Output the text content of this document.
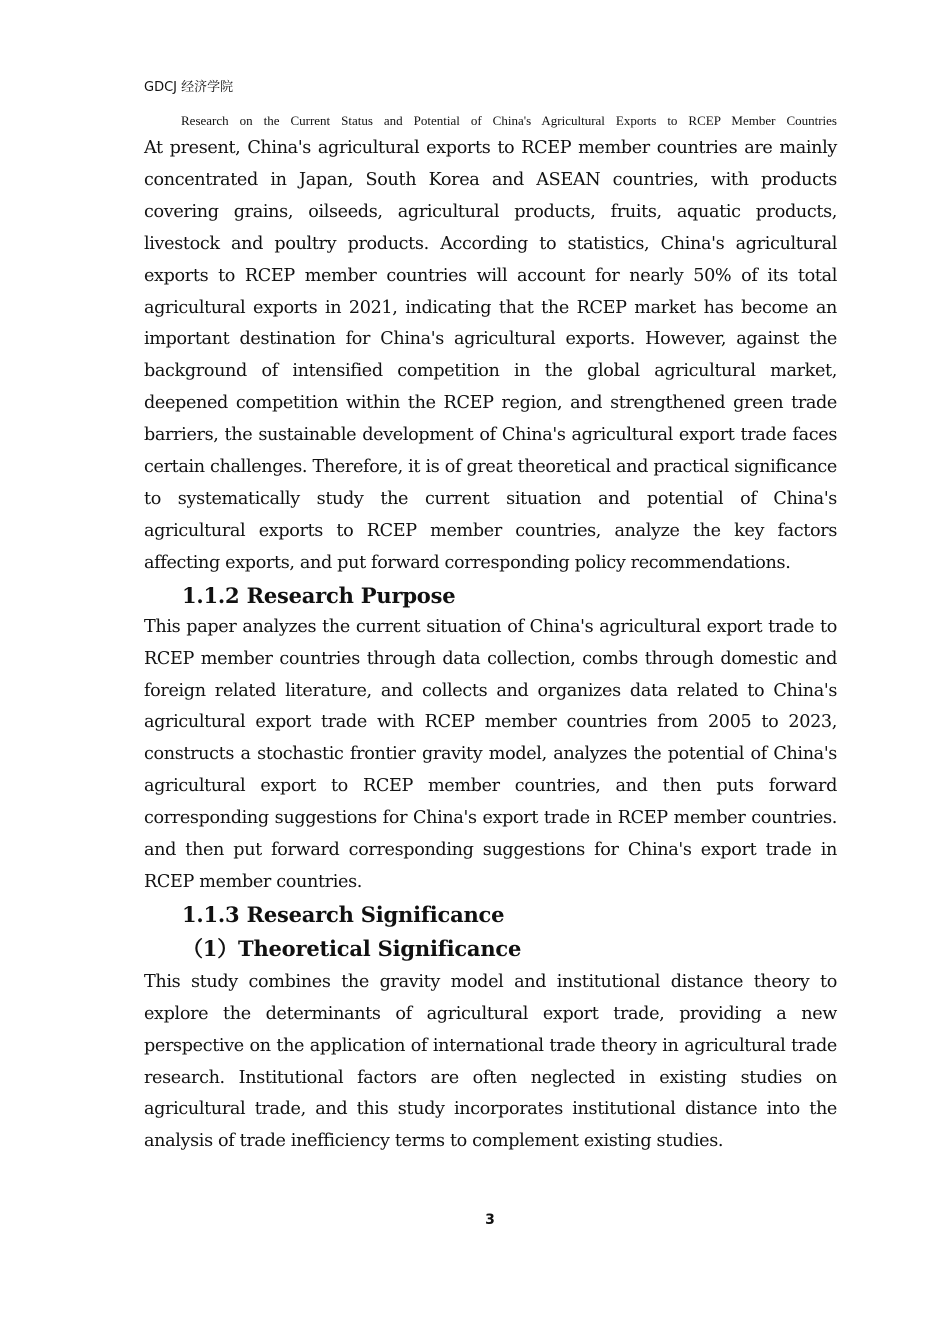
GDCJ 经济学院
Research on the Current Status and Potential of China's Agricultural Exports to RCEP Member Countries

At present, China's agricultural exports to RCEP member countries are mainly concentrated in Japan, South Korea and ASEAN countries, with products covering grains, oilseeds, agricultural products, fruits, aquatic products, livestock and poultry products. According to statistics, China's agricultural exports to RCEP member countries will account for nearly 50% of its total agricultural exports in 2021, indicating that the RCEP market has become an important destination for China's agricultural exports. However, against the background of intensified competition in the global agricultural market, deepened competition within the RCEP region, and strengthened green trade barriers, the sustainable development of China's agricultural export trade faces certain challenges. Therefore, it is of great theoretical and practical significance to systematically study the current situation and potential of China's agricultural exports to RCEP member countries, analyze the key factors affecting exports, and put forward corresponding policy recommendations.

1.1.2 Research Purpose

This paper analyzes the current situation of China's agricultural export trade to RCEP member countries through data collection, combs through domestic and foreign related literature, and collects and organizes data related to China's agricultural export trade with RCEP member countries from 2005 to 2023, constructs a stochastic frontier gravity model, analyzes the potential of China's agricultural export to RCEP member countries, and then puts forward corresponding suggestions for China's export trade in RCEP member countries. and then put forward corresponding suggestions for China's export trade in RCEP member countries.

1.1.3 Research Significance
（1）Theoretical Significance

This study combines the gravity model and institutional distance theory to explore the determinants of agricultural export trade, providing a new perspective on the application of international trade theory in agricultural trade research. Institutional factors are often neglected in existing studies on agricultural trade, and this study incorporates institutional distance into the analysis of trade inefficiency terms to complement existing studies.

3
